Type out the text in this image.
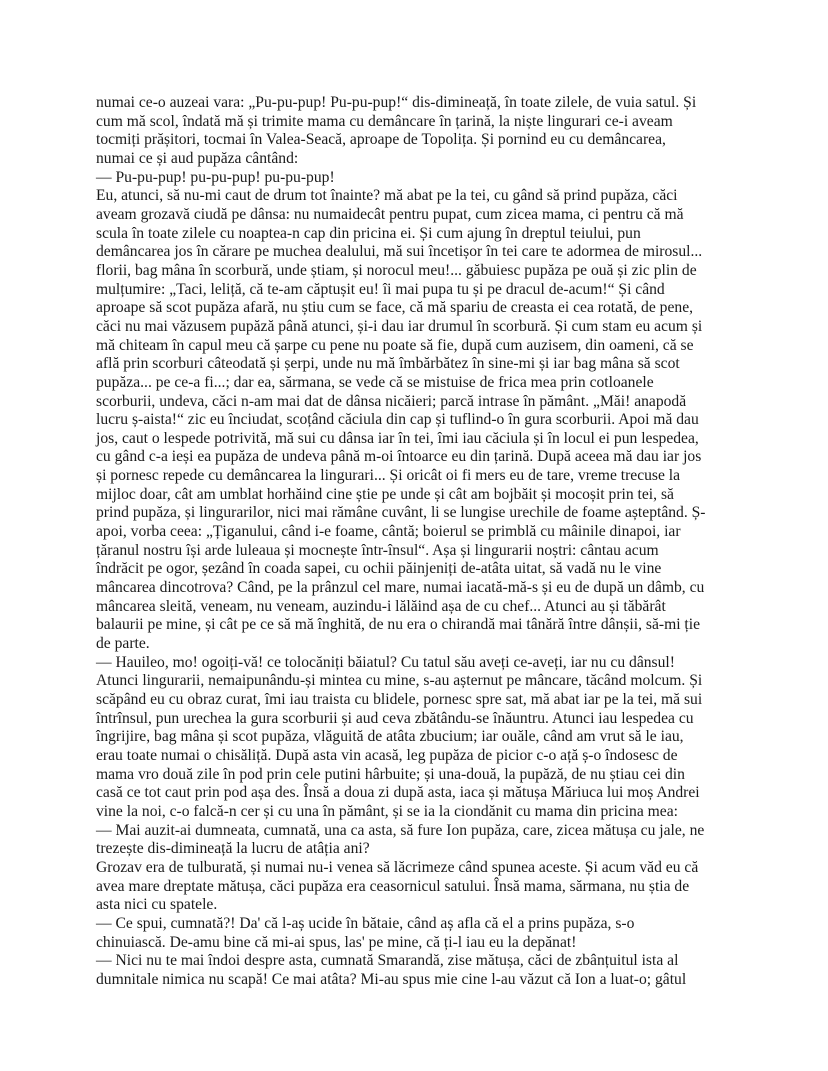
numai ce-o auzeai vara: „Pu-pu-pup! Pu-pu-pup!“ dis-dimineață, în toate zilele, de vuia satul. Și
cum mă scol, îndată mă și trimite mama cu demâncare în țarină, la niște lingurari ce-i aveam
tocmiți prășitori, tocmai în Valea-Seacă, aproape de Topolița. Și pornind eu cu demâncarea,
numai ce și aud pupăza cântând:
— Pu-pu-pup! pu-pu-pup! pu-pu-pup!
Eu, atunci, să nu-mi caut de drum tot înainte? mă abat pe la tei, cu gând să prind pupăza, căci
aveam grozavă ciudă pe dânsa: nu numaidecât pentru pupat, cum zicea mama, ci pentru că mă
scula în toate zilele cu noaptea-n cap din pricina ei. Și cum ajung în dreptul teiului, pun
demâncarea jos în cărare pe muchea dealului, mă sui încetișor în tei care te adormea de mirosul...
florii, bag mâna în scorbură, unde știam, și norocul meu!... găbuiesc pupăza pe ouă și zic plin de
mulțumire: „Taci, leliță, că te-am căptușit eu! îi mai pupa tu și pe dracul de-acum!“ Și când
aproape să scot pupăza afară, nu știu cum se face, că mă spariu de creasta ei cea rotată, de pene,
căci nu mai văzusem pupăză până atunci, și-i dau iar drumul în scorbură. Și cum stam eu acum și
mă chiteam în capul meu că șarpe cu pene nu poate să fie, după cum auzisem, din oameni, că se
află prin scorburi câteodată și șerpi, unde nu mă îmbărbătez în sine-mi și iar bag mâna să scot
pupăza... pe ce-a fi...; dar ea, sărmana, se vede că se mistuise de frica mea prin cotloanele
scorburii, undeva, căci n-am mai dat de dânsa nicăieri; parcă intrase în pământ. „Măi! anapodă
lucru ș-aista!“ zic eu înciudat, scoțând căciula din cap și tuflind-o în gura scorburii. Apoi mă dau
jos, caut o lespede potrivită, mă sui cu dânsa iar în tei, îmi iau căciula și în locul ei pun lespedea,
cu gând c-a ieși ea pupăza de undeva până m-oi întoarce eu din țarină. După aceea mă dau iar jos
și pornesc repede cu demâncarea la lingurari... Și oricât oi fi mers eu de tare, vreme trecuse la
mijloc doar, cât am umblat horhăind cine știe pe unde și cât am bojbăit și mocoșit prin tei, să
prind pupăza, și lingurarilor, nici mai rămâne cuvânt, li se lungise urechile de foame așteptând. Ș-
apoi, vorba ceea: „Țiganului, când i-e foame, cântă; boierul se primblă cu mâinile dinapoi, iar
țăranul nostru își arde luleaua și mocnește într-însul“. Așa și lingurarii noștri: cântau acum
îndrăcit pe ogor, șezând în coada sapei, cu ochii păinjeniți de-atâta uitat, să vadă nu le vine
mâncarea dincotrova? Când, pe la prânzul cel mare, numai iacată-mă-s și eu de după un dâmb, cu
mâncarea sleită, veneam, nu veneam, auzindu-i lălăind așa de cu chef... Atunci au și tăbărât
balaurii pe mine, și cât pe ce să mă înghită, de nu era o chirandă mai tânără între dânșii, să-mi ție
de parte.
— Hauileo, mo! ogoiți-vă! ce tolocăniți băiatul? Cu tatul său aveți ce-aveți, iar nu cu dânsul!
Atunci lingurarii, nemaipunându-și mintea cu mine, s-au așternut pe mâncare, tăcând molcum. Și
scăpând eu cu obraz curat, îmi iau traista cu blidele, pornesc spre sat, mă abat iar pe la tei, mă sui
întrînsul, pun urechea la gura scorburii și aud ceva zbătându-se înăuntru. Atunci iau lespedea cu
îngrijire, bag mâna și scot pupăza, vlăguită de atâta zbucium; iar ouăle, când am vrut să le iau,
erau toate numai o chisăliță. După asta vin acasă, leg pupăza de picior c-o ață ș-o îndosesc de
mama vro două zile în pod prin cele putini hârbuite; și una-două, la pupăză, de nu știau cei din
casă ce tot caut prin pod așa des. Însă a doua zi după asta, iaca și mătușa Măriuca lui moș Andrei
vine la noi, c-o falcă-n cer și cu una în pământ, și se ia la ciondănit cu mama din pricina mea:
— Mai auzit-ai dumneata, cumnată, una ca asta, să fure Ion pupăza, care, zicea mătușa cu jale, ne
trezește dis-dimineață la lucru de atâția ani?
Grozav era de tulburată, și numai nu-i venea să lăcrimeze când spunea aceste. Și acum văd eu că
avea mare dreptate mătușa, căci pupăza era ceasornicul satului. Însă mama, sărmana, nu știa de
asta nici cu spatele.
— Ce spui, cumnată?! Da' că l-aș ucide în bătaie, când aș afla că el a prins pupăza, s-o
chinuiască. De-amu bine că mi-ai spus, las' pe mine, că ți-l iau eu la depănat!
— Nici nu te mai îndoi despre asta, cumnată Smarandă, zise mătușa, căci de zbânțuitul ista al
dumnitale nimica nu scapă! Ce mai atâta? Mi-au spus mie cine l-au văzut că Ion a luat-o; gâtul
